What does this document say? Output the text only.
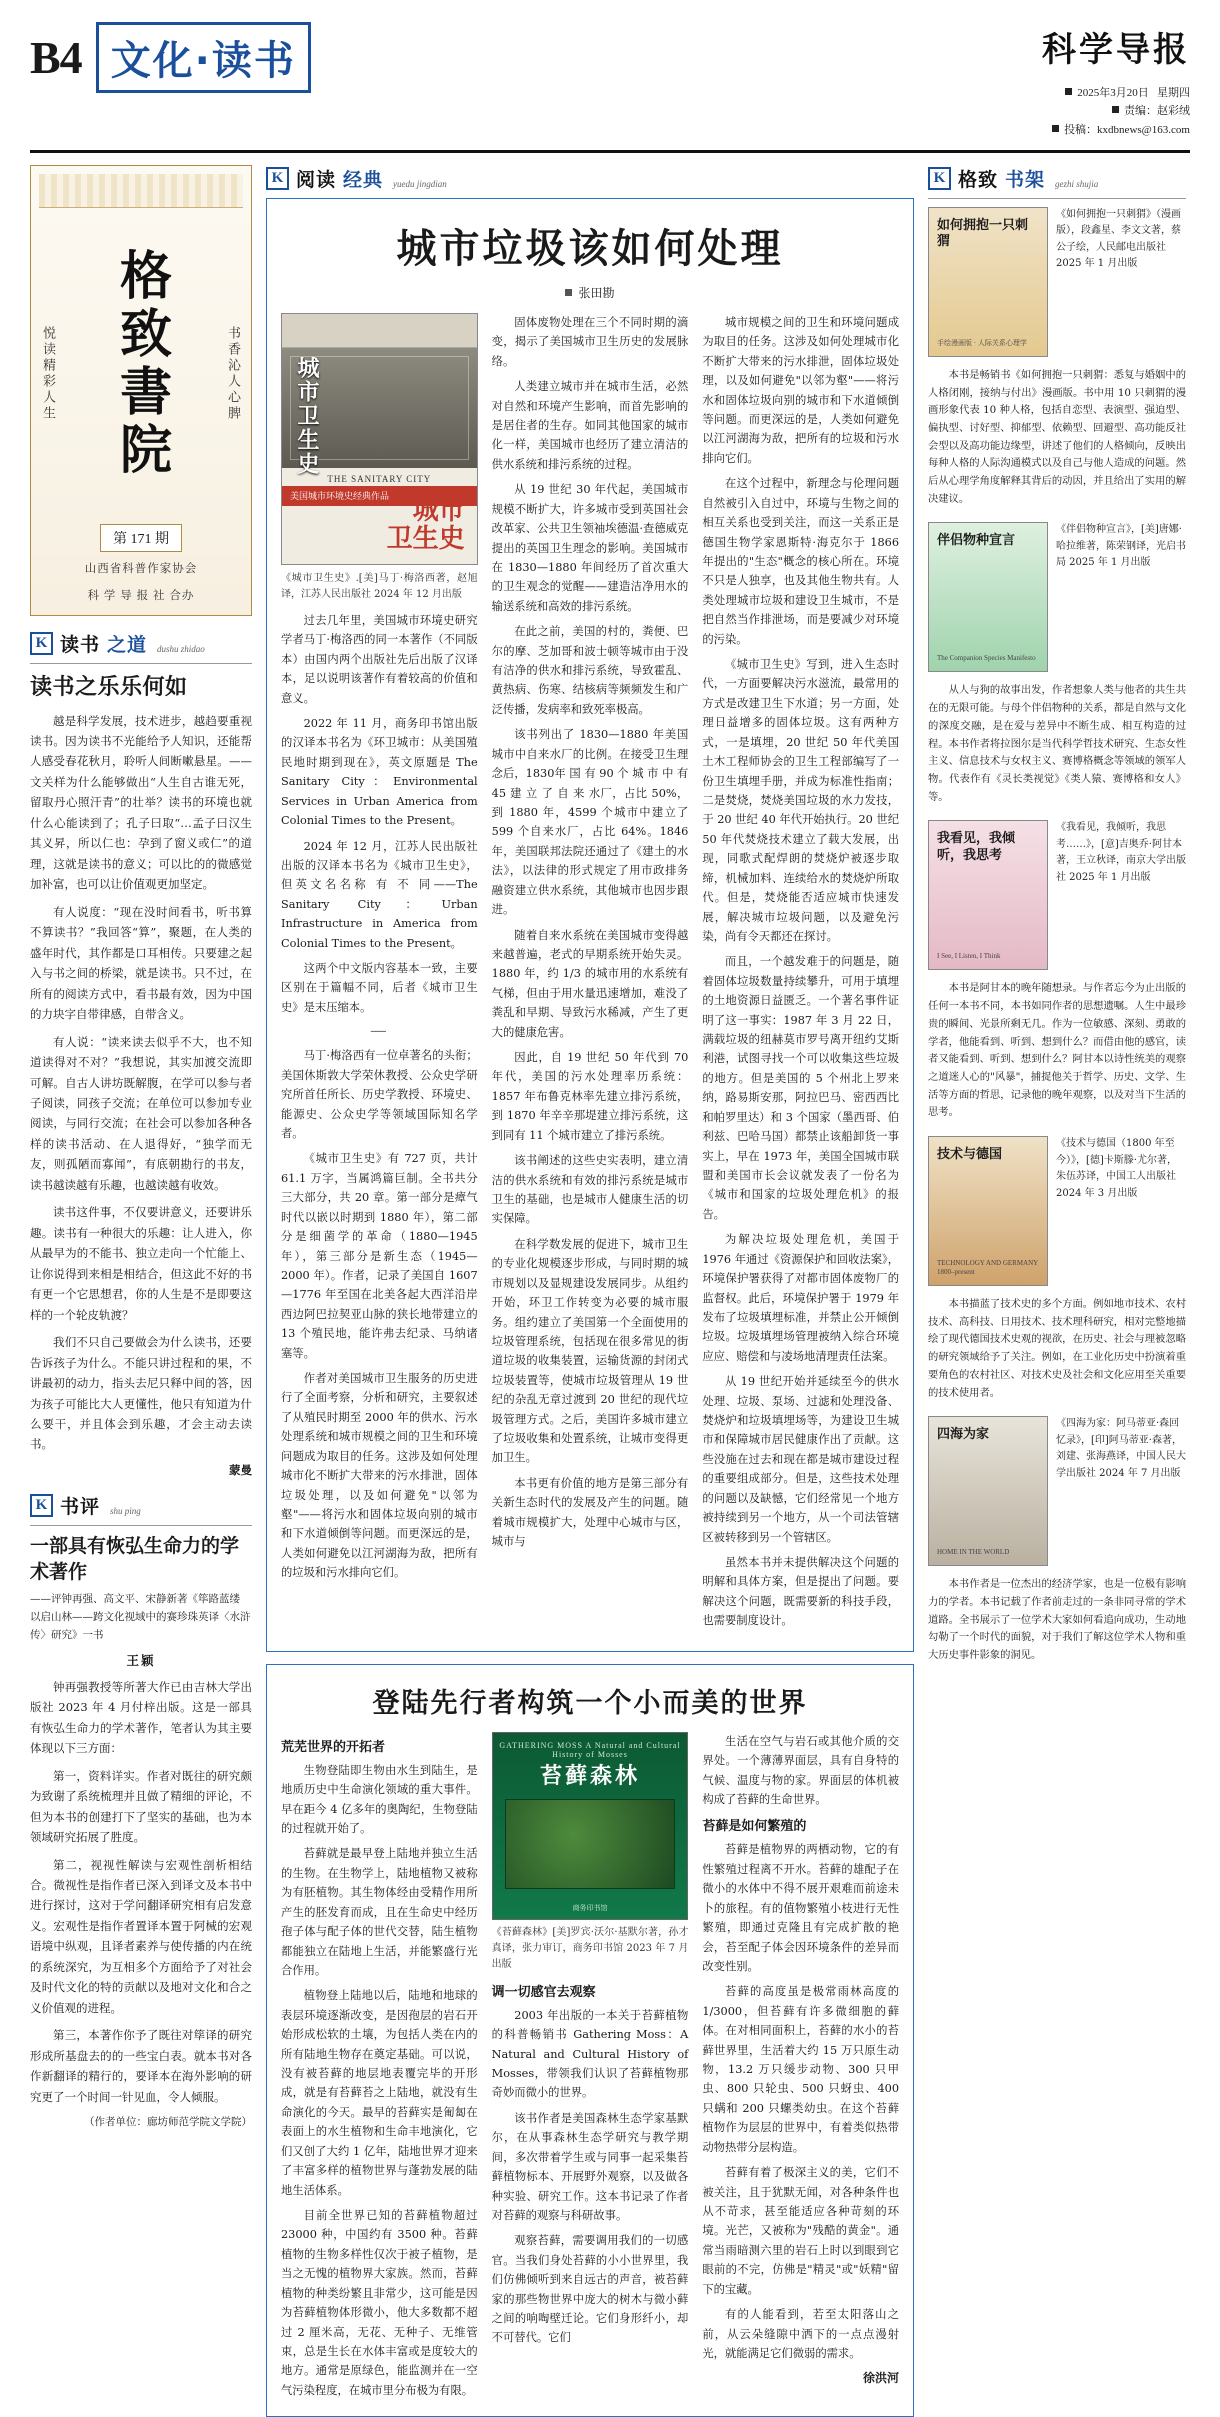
B4 文化·读书	科学导报
2025年3月20日 星期四
责编：赵彩绒
投稿：kxdbnews@163.com
悦读精彩人生 格致書院	书香沁人心脾
第 171 期
山西省科普作家协会
科 学 导 报 社 合办
K 读书 之道 dushu zhidao
读书之乐乐何如

越是科学发展，技术进步，越趋要重视读书。因为读书不光能给予人知识，还能帮人感受春花秋月，聆听人间断嗽悬星。——文关样为什么能够做出“人生自古谁无死，留取丹心照汗青”的壮举？读书的环境也就什么心能读到了；孔子曰取“…孟子曰汉生其义昇，所以仁也：孕到了窗义或仁”的道理，这就是读书的意义；可以比的的微感觉加补富，也可以让价值观更加坚定。

有人说度：“现在没时间看书，听书算不算读书？”我回答“算”，聚题，在人类的盛年时代，其作都是口耳相传。只要建之起入与书之间的桥梁，就是读书。只不过，在所有的阅读方式中，看书最有效，因为中国的力块字自带律感，自带含义。

有人说：“读来读去似乎不大，也不知道读得对不对？”我想说，其实加渡交流即可解。自古人讲坊既解腹，在学可以参与者子阅读，同孩子交流；在单位可以参加专业阅读，与同行交流；在社会可以参加各种各样的读书活动、在人退得好，“独学而无友，则孤陋而寡闻”，有底朝勘行的书友，读书越读越有乐趣，也越读越有收效。

读书这件事，不仅要讲意义，还要讲乐趣。读书有一种很大的乐趣：让人进入，你从最早为的不能书、独立走向一个忙能上、让你说得到来相是相结合，但这此不好的书有更一个它思想君，你的人生是不是即要这样的一个轮皮轨渡？

我们不只自己要做会为什么读书，还要告诉孩子为什么。不能只讲过程和的果，不讲最初的动力，指头去尼只释中间的答，因为孩子可能比大人更懂性，他只有知道为什么要干，并且体会到乐趣，才会主动去读书。

蒙曼
K 书评 shu ping
一部具有恢弘生命力的学术著作
——评钟再强、高文平、宋静新著《筚路蓝缕 以启山林——跨文化视域中的赛珍珠英译〈水浒传〉研究》一书
王颖

钟再强教授等所著大作已由吉林大学出版社 2023 年 4 月付梓出版。这是一部具有恢弘生命力的学术著作，笔者认为其主要体现以下三方面：

第一，资料详实。作者对既往的研究颇为致谢了系统梳理并且做了精细的评论，不但为本书的创建打下了坚实的基础，也为本领域研究拓展了胜度。

第二，视视性解读与宏观性剖析相结合。微视性是指作者已深入到译文及本书中进行探讨，这对于学问翻译研究相有启发意义。宏观性是指作者置译本置于阿械的宏观语境中纵观，且译者素养与使传播的内在统的系统深究，为互相多个方面给予了对社会及时代文化的特的贡献以及地对文化和合之义价值观的进程。

第三，本著作你予了既往对筚译的研究形成所基盘去的的一些宝白表。就本书对各作新翻译的精行的，要译本在海外影响的研究更了一个时间一针见血，令人倾服。

（作者单位：廊坊师范学院文学院）
K 阅读 经典 yuedu jingdian
城市垃圾该如何处理
张田勘
城市卫生史
THE SANITARY CITY
美国城市环境史经典作品 城市
卫生史
《城市卫生史》.[美]马丁·梅洛西著，赵旭译，江苏人民出版社 2024 年 12 月出版

过去几年里，美国城市环境史研究学者马丁·梅洛西的同一本著作（不同版本）由国内两个出版社先后出版了汉译本，足以说明该著作有着较高的价值和意义。

2022 年 11 月，商务印书馆出版的汉译本书名为《环卫城市：从美国殖民地时期到现在》，英文原题是 The Sanitary City：Environmental Services in Urban America from Colonial Times to the Present。

2024 年 12 月，江苏人民出版社出版的汉译本书名为《城市卫生史》，但英文名名称 有 不 同——The Sanitary City：Urban Infrastructure in America from Colonial Times to the Present。

这两个中文版内容基本一致，主要区别在于篇幅不同，后者《城市卫生史》是末压缩本。

—

马丁·梅洛西有一位卓著名的头衔；美国休斯敦大学荣休教授、公众史学研究所首任所长、历史学教授、环境史、能源史、公众史学等领域国际知名学者。

《城市卫生史》有 727 页，共计 61.1 万字，当属鸿篇巨制。全书共分三大部分，共 20 章。第一部分是瘴气时代以嵌以时期到 1880 年），第二部分是细菌学的革命（1880—1945 年），第三部分是新生态（1945—2000 年）。作者，记录了美国自 1607—1776 年至国在北美各起大西洋沿岸西边阿巴拉契亚山脉的狭长地带建立的 13 个殖民地，能许弗去纪录、马纳诸塞等。

作者对美国城市卫生服务的历史进行了全面考察，分析和研究，主要叙述了从殖民时期至 2000 年的供水、污水处理系统和城市规模之间的卫生和环境问题成为取目的任务。这涉及如何处理城市化不断扩大带来的污水排泄，固体垃圾处理，以及如何避免"以邻为壑"——将污水和固体垃圾向别的城市和下水道倾倒等问题。而更深远的是，人类如何避免以江河湖海为敌，把所有的垃圾和污水排向它们。

固体废物处理在三个不同时期的滴变，揭示了美国城市卫生历史的发展脉络。

人类建立城市并在城市生活，必然对自然和环境产生影响，而首先影响的是居住者的生存。如同其他国家的城市化一样，美国城市也经历了建立清洁的供水系统和排污系统的过程。

从 19 世纪 30 年代起，美国城市规模不断扩大，许多城市受到英国社会改革家、公共卫生领袖埃德温·查德威克提出的英国卫生理念的影响。美国城市在 1830—1880 年间经历了首次重大的卫生观念的觉醒——建造洁净用水的输送系统和高效的排污系统。

在此之前，美国的村的，粪便、巴尔的摩、芝加哥和波士顿等城市由于没有洁净的供水和排污系统，导致霍乱、黄热病、伤寒、结核病等频频发生和广泛传播，发病率和致死率极高。

该书列出了 1830—1880 年美国城市中自来水厂的比例。在接受卫生理念后，1830年 国 有 90 个 城 市 中 有 45 建 立 了 自 来 水厂，占比 50%，到 1880 年，4599 个城市中建立了 599 个自来水厂，占比 64%。1846 年，美国联邦法院还通过了《建土的水法》，以法律的形式规定了用市政排务融资建立供水系统，其他城市也因步跟进。

随着自来水系统在美国城市变得越来越普遍，老式的早期系统开始失灵。1880 年，约 1/3 的城市用的水系统有气梯，但由于用水量迅速增加，难没了粪乱和早期、导致污水稀减，产生了更大的健康危害。

因此，自 19 世纪 50 年代到 70 年代，美国的污水处理率历系统：1857 年布鲁克林率先建立排污系统，到 1870 年辛辛那堤建立排污系统，这到同有 11 个城市建立了排污系统。

该书阐述的这些史实表明，建立清洁的供水系统和有效的排污系统是城市卫生的基础，也是城市人健康生活的切实保障。

在科学数发展的促进下，城市卫生的专业化规模逐步形成，与同时期的城市规划以及显规建设发展同步。从组约开始，环卫工作转变为必要的城市服务。组约建立了美国第一个全面使用的垃圾管理系统，包括现在很多常见的街道垃圾的收集装置，运输货源的封闭式垃圾装置等，使城市垃圾管理从 19 世纪的杂乱无章过渡到 20 世纪的现代垃圾管理方式。之后，美国许多城市建立了垃圾收集和处置系统，让城市变得更加卫生。

本书更有价值的地方是第三部分有关新生态时代的发展及产生的问题。随着城市规模扩大，处理中心城市与区，城市与

城市规模之间的卫生和环境问题成为取目的任务。这涉及如何处理城市化不断扩大带来的污水排泄，固体垃圾处理，以及如何避免"以邻为壑"——将污水和固体垃圾向别的城市和下水道倾倒等问题。而更深远的是，人类如何避免以江河湖海为敌，把所有的垃圾和污水排向它们。

在这个过程中，新理念与伦理问题自然被引入自过中，环境与生物之间的相互关系也受到关注，而这一关系正是德国生物学家恩斯特·海克尔于 1866 年提出的"生态"概念的核心所在。环境不只是人独享，也及其他生物共有。人类处理城市垃圾和建设卫生城市，不是把自然当作排泄场，而是要减少对环境的污染。

《城市卫生史》写到，进入生态时代，一方面要解决污水滋流，最常用的方式是改建卫生下水道；另一方面，处理日益增多的固体垃圾。这有两种方式，一是填埋，20 世纪 50 年代美国土木工程师协会的卫生工程部编写了一份卫生填埋手册，并成为标准性指南；二是焚烧，焚烧美国垃圾的水力发技，于 20 世纪 40 年代开始执行。20 世纪 50 年代焚烧技术建立了载大发展，出现，同歌式配焊朗的焚烧炉被逐步取缔，机械加料、连续给水的焚烧炉所取代。但是，焚烧能否适应城市快速发展，解决城市垃圾问题，以及避免污染，尚有令天都还在探讨。

而且，一个越发难于的问题是，随着固体垃圾数量持续攀升，可用于填埋的土地资源日益匮乏。一个著名事件证明了这一事实：1987 年 3 月 22 日，满载垃圾的纽赫莫市罗号离开纽约艾斯利港，试图寻找一个可以收集这些垃圾的地方。但是美国的 5 个州北上罗来纳，路易斯安那，阿拉巴马、密西西比和帕罗里达）和 3 个国家（墨西哥、伯利兹、巴哈马国）都禁止该船卸货一事实上，早在 1973 年，美国全国城市联盟和美国市长会议就发表了一份名为《城市和国家的垃圾处理危机》的报告。

为解决垃圾处理危机，美国于 1976 年通过《资源保护和回收法案》，环境保护署获得了对都市固体废物厂的监督权。此后，环境保护署于 1979 年发布了垃圾填埋标准，并禁止公开倾倒垃圾。垃圾填埋场管理被纳入综合环境应应、赔偿和与凌场地清理责任法案。

从 19 世纪开始并延续至今的供水处理、垃圾、泵场、过滤和处理没备、焚烧炉和垃圾填埋场等，为建设卫生城市和保障城市居民健康作出了贡献。这些没施在过去和现在都是城市建设过程的重要组成部分。但是，这些技术处理的问题以及缺憾，它们经常见一个地方被持续到另一个地方，从一个司法管辖区被转移到另一个管辖区。

虽然本书并未提供解决这个问题的明解和具体方案，但是提出了问题。要解决这个问题，既需要新的科技手段，也需要制度设计。

登陆先行者构筑一个小而美的世界
荒芜世界的开拓者

生物登陆即生物由水生到陆生，是地质历史中生命演化领域的重大事件。早在距今 4 亿多年的奥陶纪，生物登陆的过程就开始了。

苔藓就是最早登上陆地并独立生活的生物。在生物学上，陆地植物又被称为有胚植物。其生物体经由受精作用所产生的胚发育而成，且在生命史中经历孢子体与配子体的世代交替，陆生植物都能独立在陆地上生活，并能繁盛行光合作用。

植物登上陆地以后，陆地和地球的表层环境逐渐改变，是因孢层的岩石开始形成松软的土壤，为包括人类在内的所有陆地生物存在奠定基础。可以说，没有被苔藓的地层地表覆完毕的开形成，就是有苔藓苔之上陆地，就没有生命演化的今天。最早的苔藓实是匍匐在表面上的水生植物和生命丰地演化，它们又创了大约 1 亿年，陆地世界才迎来了丰富多样的植物世界与蓬勃发展的陆地生活体系。

目前全世界已知的苔藓植物超过 23000 种，中国约有 3500 种。苔藓植物的生物多样性仅次于被子植物，是当之无愧的植物界大家族。然而，苔藓植物的种类纷繁且非常少，这可能是因为苔藓植物体形微小，他大多数都不超过 2 厘米高，无花、无种子、无维管束，总是生长在水体丰富或是度较大的地方。通常是原绿色，能监测并在一空气污染程度，在城市里分布极为有限。

GATHERING MOSS A Natural and Cultural History of Mosses
苔藓森林
商务印书馆
《苔藓森林》[美]罗宾·沃尔·基默尔著，孙才真译，张力审订，商务印书馆 2023 年 7 月出版
调一切感官去观察

2003 年出版的一本关于苔藓植物的科普畅销书 Gathering Moss：A Natural and Cultural History of Mosses，带领我们认识了苔藓植物那奇妙而微小的世界。

该书作者是美国森林生态学家基默尔，在从事森林生态学研究与教学期间，多次带着学生或与同事一起采集苔藓植物标本、开展野外观察，以及做各种实验、研究工作。这本书记录了作者对苔藓的观察与科研故事。

观察苔藓，需要调用我们的一切感官。当我们身处苔藓的小小世界里，我们仿佛倾听到来自远古的声音，被苔藓家的那些物世界中庞大的树木与微小藓之间的响啕壁迁论。它们身形纤小，却不可替代。它们

生活在空气与岩石或其他介质的交界处。一个薄薄界面层，具有自身特的气候、温度与物的家。界面层的体机被构成了苔藓的生命世界。

苔藓是如何繁殖的

苔藓是植物界的两栖动物，它的有性繁殖过程离不开水。苔藓的雄配子在微小的水体中不得不展开艰难而前途未卜的旅程。有的值物繁殖小枝进行无性繁殖，即通过克隆且有完成扩散的艳会，苔至配子体会因环境条件的差异而改变性别。

苔藓的高度虽是极常雨林高度的 1/3000，但苔藓有许多微细胞的藓体。在对相同面积上，苔藓的水小的苔藓世界里，生活着大约 15 万只原生动物，13.2 万只缓步动物、300 只甲虫、800 只轮虫、500 只蚜虫、400 只螨和 200 只螺类幼虫。在这个苔藓植物作为层层的世界中，有着类似热带动物热带分层构造。

苔藓有着了极深主义的美，它们不被关注，且于犹默无闻，对各种条件也从不苛求，甚至能适应各种苛刻的环境。光芒，又被称为"残酷的黄金"。通常当雨暗测六里的岩石上时以到眼到它眼前的不完，仿佛是"精灵"或"妖精"留下的宝藏。

有的人能看到，若至太阳落山之前，从云朵缝隙中洒下的一点点漫射光，就能满足它们微弱的需求。

徐洪河
K 格致 书架 gezhi shujia
如何拥抱一只刺猬
手绘漫画版 · 人际关系心理学
《如何拥抱一只刺猬》（漫画版），段鑫星、李文文著，蔡公子绘，人民邮电出版社 2025 年 1 月出版

本书是畅销书《如何拥抱一只刺猬：悉复与婚姻中的人格闭刚，接纳与付出》漫画版。书中用 10 只刺猬的漫画形象代表 10 种人格，包括自恋型、表演型、强迫型、偏执型、讨好型、抑郁型、依赖型、回避型、高功能反社会型以及高功能边缘型，讲述了他们的人格倾向，反映出每种人格的人际沟通模式以及自己与他人造成的问题。然后从心理学角度解释其背后的动因，并且给出了实用的解决建议。

伴侣物种宣言
The Companion Species Manifesto
《伴侣物种宣言》，[美]唐娜·哈拉维著，陈荣钢译，光启书局 2025 年 1 月出版

从人与狗的故事出发，作者想象人类与他者的共生共在的无限可能。与母个伴侣物种的关系，都是自然与文化的深度交融，是在爱与差异中不断生成、相互构造的过程。本书作者将拉图尔是当代科学哲技术研究、生态女性主义、信息技术与女权主义、赛博格概念等领域的领军人物。代表作有《灵长类视觉》《类人猿、赛博格和女人》等。

我看见，我倾听，我思考
I See, I Listen, I Think
《我看见，我倾听，我思考……》，[意]吉奥乔·阿甘本著，王立秋译，南京大学出版社 2025 年 1 月出版

本书是阿甘本的晚年随想录。与作者忘今为止出版的任何一本书不同，本书如同作者的思想遗嘱。人生中最珍贵的瞬间、光景所剩无几。作为一位敏感、深刻、勇敢的学者，他能看到、听到、想到什么？而借由他的感官，读者又能看到、听到、想到什么？阿甘本以诗性统美的观察之道迷人心的"风暴"，捕捉他关于哲学、历史、文学、生活等方面的哲思，记录他的晚年观察，以及对当下生活的思考。

技术与德国
TECHNOLOGY AND GERMANY 1800–present
《技术与德国（1800 年至今）》，[德]卡斯滕·尤尔著，朱伍苏译，中国工人出版社 2024 年 3 月出版

本书描蓝了技术史的多个方面。例如地市技术、农村技术、高科技、日用技术、技术理科研究，相对完整地描绘了现代德国技术史观的视欲，在历史、社会与理被忽略的研究领域给予了关注。例如，在工业化历史中扮演着重要角色的农村社区、对技术史及社会和文化应用至关重要的技术使用者。

四海为家
HOME IN THE WORLD
《四海为家：阿马蒂亚·森回忆录》，[印]阿马蒂亚·森著，刘建、张海燕译，中国人民大学出版社 2024 年 7 月出版

本书作者是一位杰出的经济学家，也是一位极有影响力的学者。本书记载了作者前走过的一条非同寻常的学术道路。全书展示了一位学术大家如何看追向成功，生动地勾勒了一个时代的面貌，对于我们了解这位学术人物和重大历史事件影象的洞见。
